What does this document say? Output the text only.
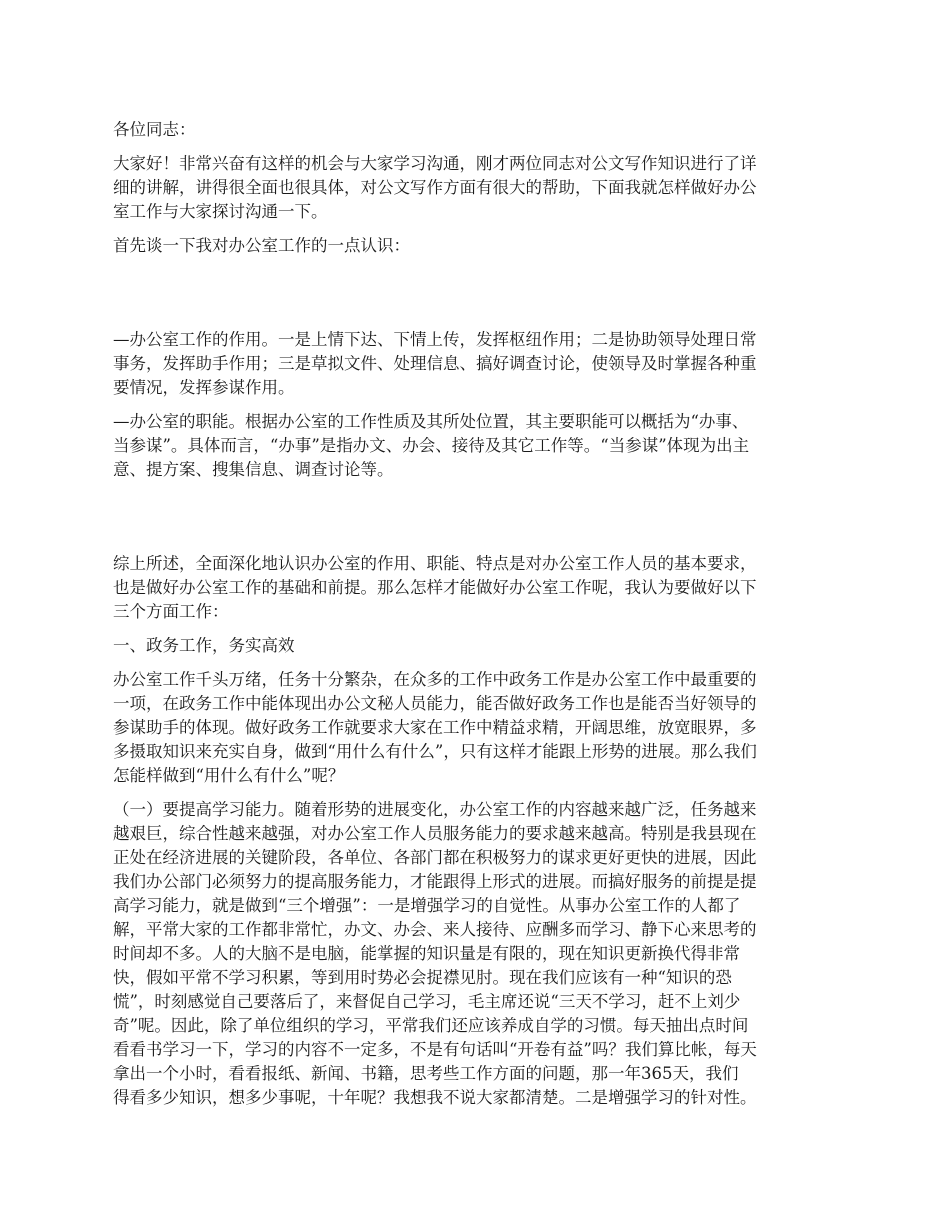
各位同志：

大家好！非常兴奋有这样的机会与大家学习沟通，刚才两位同志对公文写作知识进行了详
细的讲解，讲得很全面也很具体，对公文写作方面有很大的帮助，下面我就怎样做好办公
室工作与大家探讨沟通一下。

首先谈一下我对办公室工作的一点认识：

—办公室工作的作用。一是上情下达、下情上传，发挥枢纽作用；二是协助领导处理日常
事务，发挥助手作用；三是草拟文件、处理信息、搞好调查讨论，使领导及时掌握各种重
要情况，发挥参谋作用。

—办公室的职能。根据办公室的工作性质及其所处位置，其主要职能可以概括为“办事、
当参谋”。具体而言，“办事”是指办文、办会、接待及其它工作等。“当参谋”体现为出主
意、提方案、搜集信息、调查讨论等。

综上所述，全面深化地认识办公室的作用、职能、特点是对办公室工作人员的基本要求，
也是做好办公室工作的基础和前提。那么怎样才能做好办公室工作呢，我认为要做好以下
三个方面工作：

一、政务工作，务实高效

办公室工作千头万绪，任务十分繁杂，在众多的工作中政务工作是办公室工作中最重要的
一项，在政务工作中能体现出办公文秘人员能力，能否做好政务工作也是能否当好领导的
参谋助手的体现。做好政务工作就要求大家在工作中精益求精，开阔思维，放宽眼界，多
多摄取知识来充实自身，做到“用什么有什么”，只有这样才能跟上形势的进展。那么我们
怎能样做到“用什么有什么”呢？

（一）要提高学习能力。随着形势的进展变化，办公室工作的内容越来越广泛，任务越来
越艰巨，综合性越来越强，对办公室工作人员服务能力的要求越来越高。特别是我县现在
正处在经济进展的关键阶段，各单位、各部门都在积极努力的谋求更好更快的进展，因此
我们办公部门必须努力的提高服务能力，才能跟得上形式的进展。而搞好服务的前提是提
高学习能力，就是做到“三个增强”：一是增强学习的自觉性。从事办公室工作的人都了
解，平常大家的工作都非常忙，办文、办会、来人接待、应酬多而学习、静下心来思考的
时间却不多。人的大脑不是电脑，能掌握的知识量是有限的，现在知识更新换代得非常
快，假如平常不学习积累，等到用时势必会捉襟见肘。现在我们应该有一种“知识的恐
慌”，时刻感觉自己要落后了，来督促自己学习，毛主席还说“三天不学习，赶不上刘少
奇”呢。因此，除了单位组织的学习，平常我们还应该养成自学的习惯。每天抽出点时间
看看书学习一下，学习的内容不一定多，不是有句话叫“开卷有益”吗？我们算比帐，每天
拿出一个小时，看看报纸、新闻、书籍，思考些工作方面的问题，那一年365天，我们
得看多少知识，想多少事呢，十年呢？我想我不说大家都清楚。二是增强学习的针对性。
